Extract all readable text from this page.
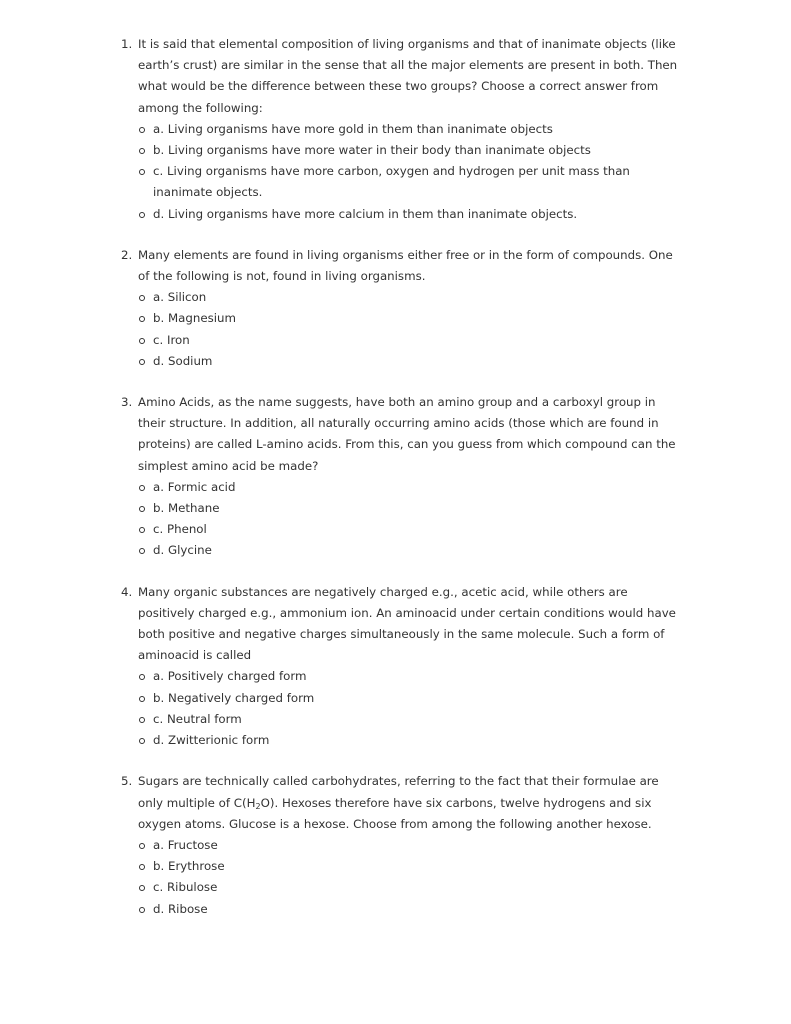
1. It is said that elemental composition of living organisms and that of inanimate objects (like earth’s crust) are similar in the sense that all the major elements are present in both. Then what would be the difference between these two groups? Choose a correct answer from among the following:

a. Living organisms have more gold in them than inanimate objects
b. Living organisms have more water in their body than inanimate objects
c. Living organisms have more carbon, oxygen and hydrogen per unit mass than inanimate objects.
d. Living organisms have more calcium in them than inanimate objects.
2. Many elements are found in living organisms either free or in the form of compounds. One of the following is not, found in living organisms.

a. Silicon
b. Magnesium
c. Iron
d. Sodium
3. Amino Acids, as the name suggests, have both an amino group and a carboxyl group in their structure. In addition, all naturally occurring amino acids (those which are found in proteins) are called L-amino acids. From this, can you guess from which compound can the simplest amino acid be made?

a. Formic acid
b. Methane
c. Phenol
d. Glycine
4. Many organic substances are negatively charged e.g., acetic acid, while others are positively charged e.g., ammonium ion. An aminoacid under certain conditions would have both positive and negative charges simultaneously in the same molecule. Such a form of aminoacid is called

a. Positively charged form
b. Negatively charged form
c. Neutral form
d. Zwitterionic form
5. Sugars are technically called carbohydrates, referring to the fact that their formulae are only multiple of $C(H_2O)$. Hexoses therefore have six carbons, twelve hydrogens and six oxygen atoms. Glucose is a hexose. Choose from among the following another hexose.

a. Fructose
b. Erythrose
c. Ribulose
d. Ribose
